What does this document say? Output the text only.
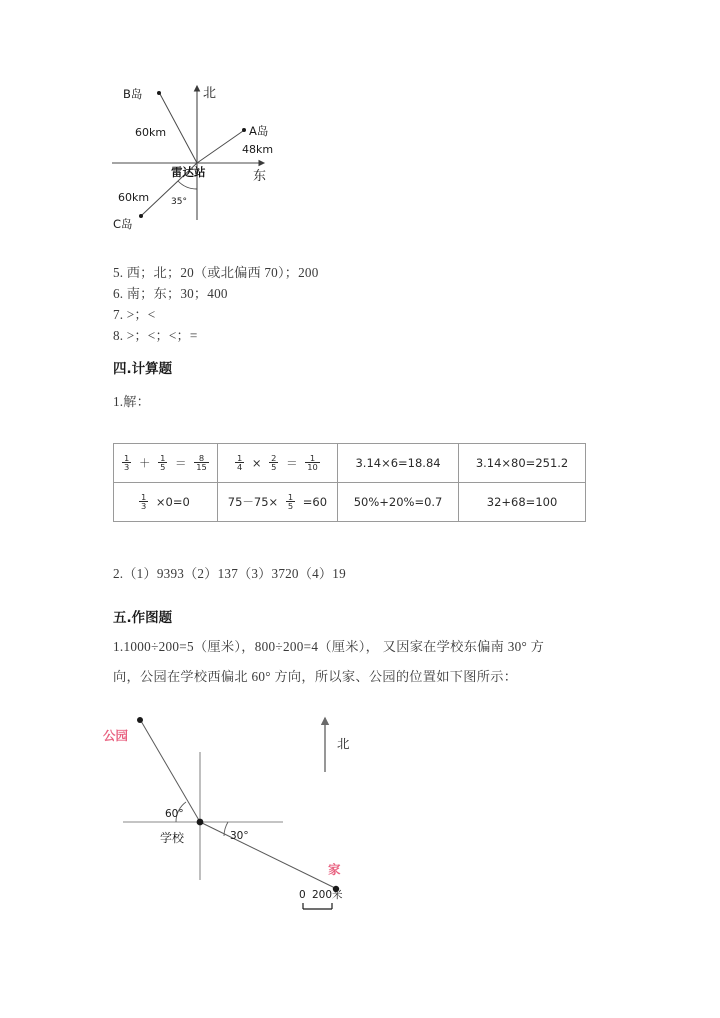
B岛
60km	A岛
48km
C岛
60km
北
东
雷达站
35°
5. 西；北；20（或北偏西 70）；200
6. 南；东；30；400
7. >；<
8. >；<；<；=
四.计算题
1.解：
$\frac{1}{3} + \frac{1}{5} = \frac{8}{15}$	$\frac{1}{4} \times \frac{2}{5} = \frac{1}{10}$	3.14×6=18.84	3.14×80=251.2

$\frac{1}{3} \times 0=0$	$75-75\times \frac{1}{5} =60$	50%+20%=0.7	32+68=100
2.（1）9393（2）137（3）3720（4）19
五.作图题
1.1000÷200=5（厘米），800÷200=4（厘米）， 又因家在学校东偏南 30° 方
向，公园在学校西偏北 60° 方向，所以家、公园的位置如下图所示：
北
0 200米
公园
家
学校
60°
30°
